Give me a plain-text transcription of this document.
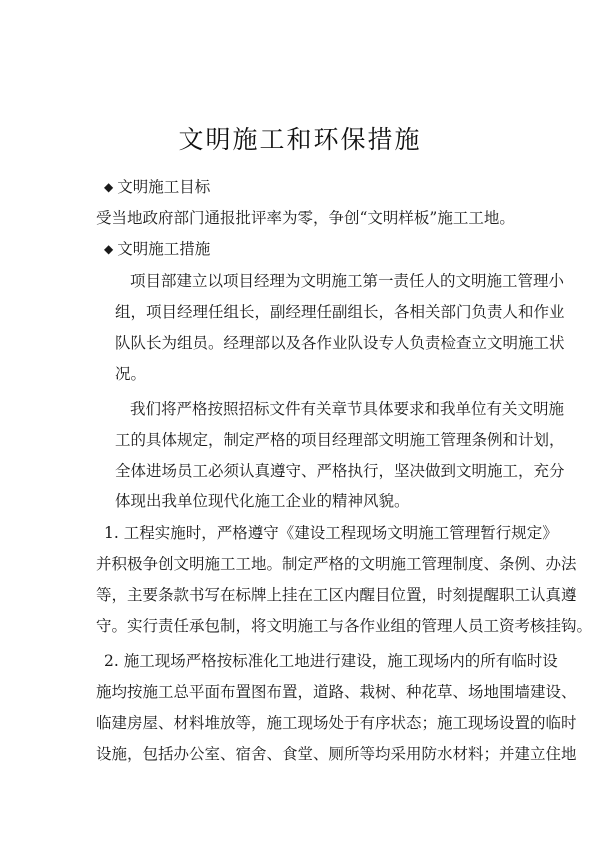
文明施工和环保措施
◆ 文明施工目标
受当地政府部门通报批评率为零，争创“文明样板”施工工地。
◆ 文明施工措施
项目部建立以项目经理为文明施工第一责任人的文明施工管理小
组，项目经理任组长，副经理任副组长，各相关部门负责人和作业
队队长为组员。经理部以及各作业队设专人负责检查立文明施工状
况。
我们将严格按照招标文件有关章节具体要求和我单位有关文明施
工的具体规定，制定严格的项目经理部文明施工管理条例和计划，
全体进场员工必须认真遵守、严格执行，坚决做到文明施工，充分
体现出我单位现代化施工企业的精神风貌。
1. 工程实施时，严格遵守《建设工程现场文明施工管理暂行规定》
并积极争创文明施工工地。制定严格的文明施工管理制度、条例、办法
等，主要条款书写在标牌上挂在工区内醒目位置，时刻提醒职工认真遵
守。实行责任承包制，将文明施工与各作业组的管理人员工资考核挂钩。
2. 施工现场严格按标准化工地进行建设，施工现场内的所有临时设
施均按施工总平面布置图布置，道路、栽树、种花草、场地围墙建设、
临建房屋、材料堆放等，施工现场处于有序状态；施工现场设置的临时
设施，包括办公室、宿舍、食堂、厕所等均采用防水材料；并建立住地
